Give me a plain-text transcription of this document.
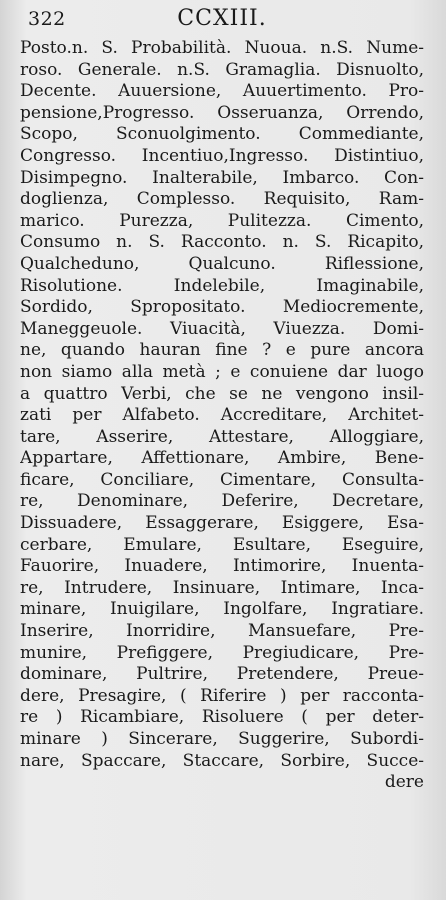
322	CCXIII.
Posto.n. S. Probabilità. Nuoua. n.S. Nume-
roso. Generale. n.S. Gramaglia. Disnuolto,
Decente. Auuersione, Auuertimento. Pro-
pensione,Progresso. Osseruanza, Orrendo,
Scopo, Sconuolgimento. Commediante,
Congresso. Incentiuo,Ingresso. Distintiuo,
Disimpegno. Inalterabile, Imbarco. Con-
doglienza, Complesso. Requisito, Ram-
marico. Purezza, Pulitezza. Cimento,
Consumo n. S. Racconto. n. S. Ricapito,
Qualcheduno, Qualcuno. Riflessione,
Risolutione. Indelebile, Imaginabile,
Sordido, Spropositato. Mediocremente,
Maneggeuole. Viuacità, Viuezza. Domi-
ne, quando hauran fine ? e pure ancora
non siamo alla metà ; e conuiene dar luogo
a quattro Verbi, che se ne vengono insil-
zati per Alfabeto. Accreditare, Architet-
tare, Asserire, Attestare, Alloggiare,
Appartare, Affettionare, Ambire, Bene-
ficare, Conciliare, Cimentare, Consulta-
re, Denominare, Deferire, Decretare,
Dissuadere, Essaggerare, Esiggere, Esa-
cerbare, Emulare, Esultare, Eseguire,
Fauorire, Inuadere, Intimorire, Inuenta-
re, Intrudere, Insinuare, Intimare, Inca-
minare, Inuigilare, Ingolfare, Ingratiare.
Inserire, Inorridire, Mansuefare, Pre-
munire, Prefiggere, Pregiudicare, Pre-
dominare, Pultrire, Pretendere, Preue-
dere, Presagire, ( Riferire ) per racconta-
re ) Ricambiare, Risoluere ( per deter-
minare ) Sincerare, Suggerire, Subordi-
nare, Spaccare, Staccare, Sorbire, Succe-
dere
